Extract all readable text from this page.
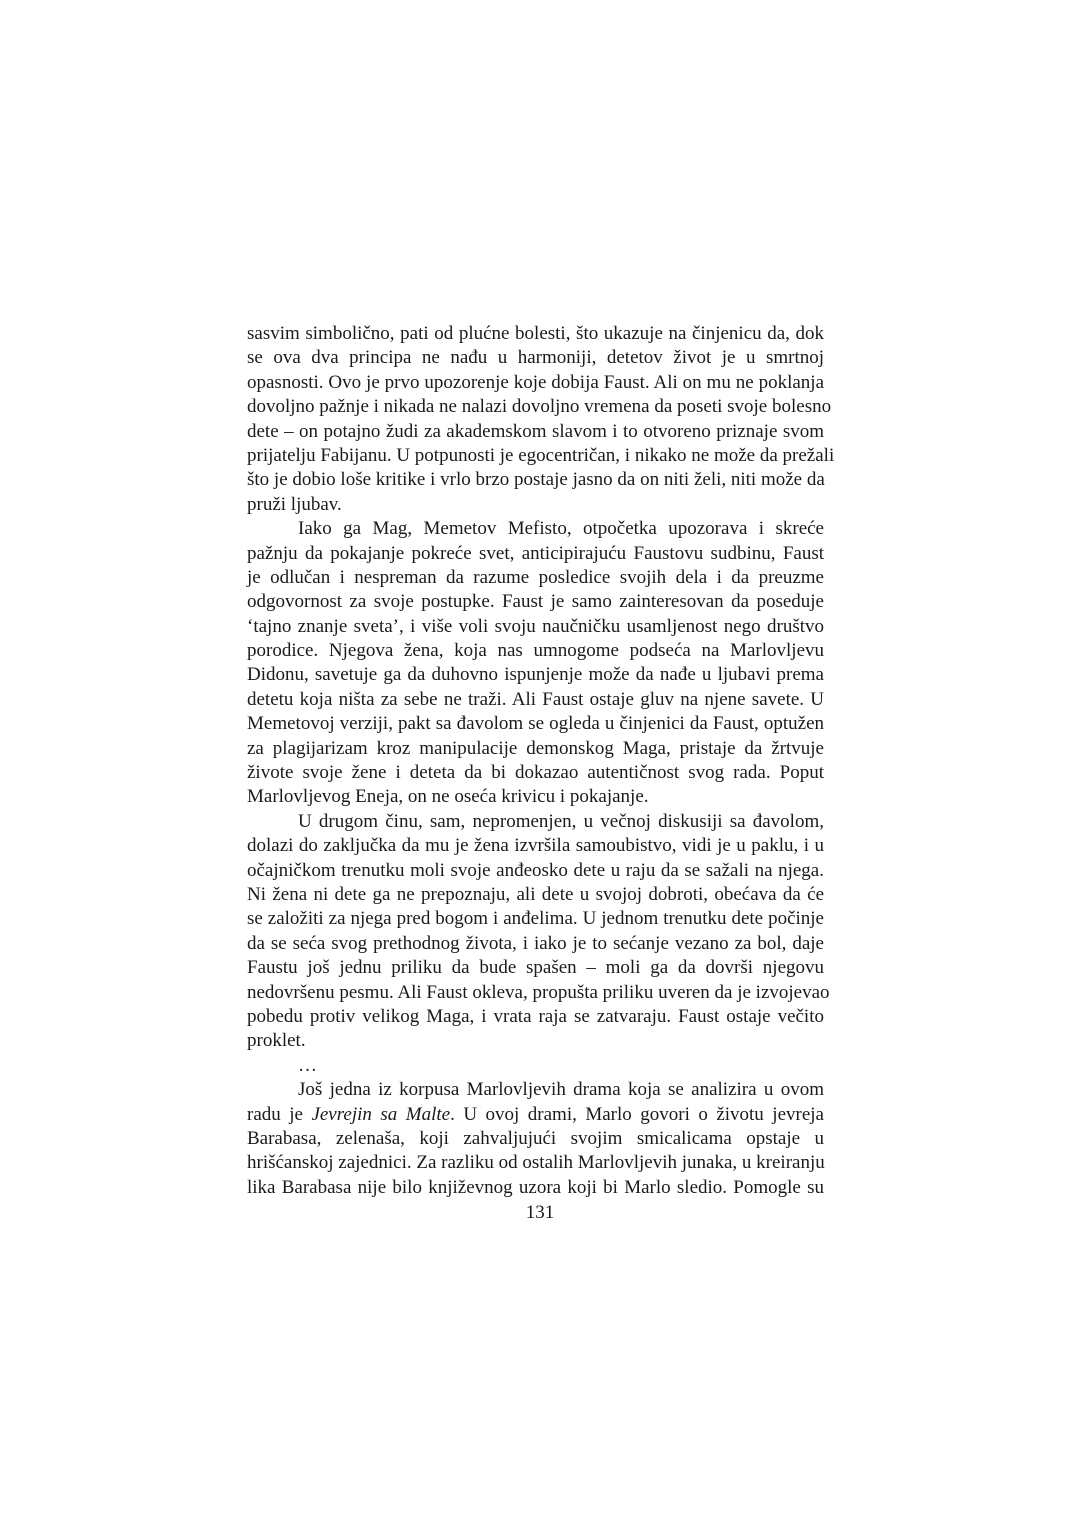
sasvim simbolično, pati od plućne bolesti, što ukazuje na činjenicu da, dok
se ova dva principa ne nađu u harmoniji, detetov život je u smrtnoj
opasnosti. Ovo je prvo upozorenje koje dobija Faust. Ali on mu ne poklanja
dovoljno pažnje i nikada ne nalazi dovoljno vremena da poseti svoje bolesno
dete – on potajno žudi za akademskom slavom i to otvoreno priznaje svom
prijatelju Fabijanu. U potpunosti je egocentričan, i nikako ne može da prežali
što je dobio loše kritike i vrlo brzo postaje jasno da on niti želi, niti može da
pruži ljubav.
Iako ga Mag, Memetov Mefisto, otpočetka upozorava i skreće
pažnju da pokajanje pokreće svet, anticipirajuću Faustovu sudbinu, Faust
je odlučan i nespreman da razume posledice svojih dela i da preuzme
odgovornost za svoje postupke. Faust je samo zainteresovan da poseduje
‘tajno znanje sveta’, i više voli svoju naučničku usamljenost nego društvo
porodice. Njegova žena, koja nas umnogome podseća na Marlovljevu
Didonu, savetuje ga da duhovno ispunjenje može da nađe u ljubavi prema
detetu koja ništa za sebe ne traži. Ali Faust ostaje gluv na njene savete. U
Memetovoj verziji, pakt sa đavolom se ogleda u činjenici da Faust, optužen
za plagijarizam kroz manipulacije demonskog Maga, pristaje da žrtvuje
živote svoje žene i deteta da bi dokazao autentičnost svog rada. Poput
Marlovljevog Eneja, on ne oseća krivicu i pokajanje.
U drugom činu, sam, nepromenjen, u večnoj diskusiji sa đavolom,
dolazi do zaključka da mu je žena izvršila samoubistvo, vidi je u paklu, i u
očajničkom trenutku moli svoje anđeosko dete u raju da se sažali na njega.
Ni žena ni dete ga ne prepoznaju, ali dete u svojoj dobroti, obećava da će
se založiti za njega pred bogom i anđelima. U jednom trenutku dete počinje
da se seća svog prethodnog života, i iako je to sećanje vezano za bol, daje
Faustu još jednu priliku da bude spašen – moli ga da dovrši njegovu
nedovršenu pesmu. Ali Faust okleva, propušta priliku uveren da je izvojevao
pobedu protiv velikog Maga, i vrata raja se zatvaraju. Faust ostaje večito
proklet.
…
Još jedna iz korpusa Marlovljevih drama koja se analizira u ovom
radu je Jevrejin sa Malte. U ovoj drami, Marlo govori o životu jevreja
Barabasa, zelenaša, koji zahvaljujući svojim smicalicama opstaje u
hrišćanskoj zajednici. Za razliku od ostalih Marlovljevih junaka, u kreiranju
lika Barabasa nije bilo književnog uzora koji bi Marlo sledio. Pomogle su
131
